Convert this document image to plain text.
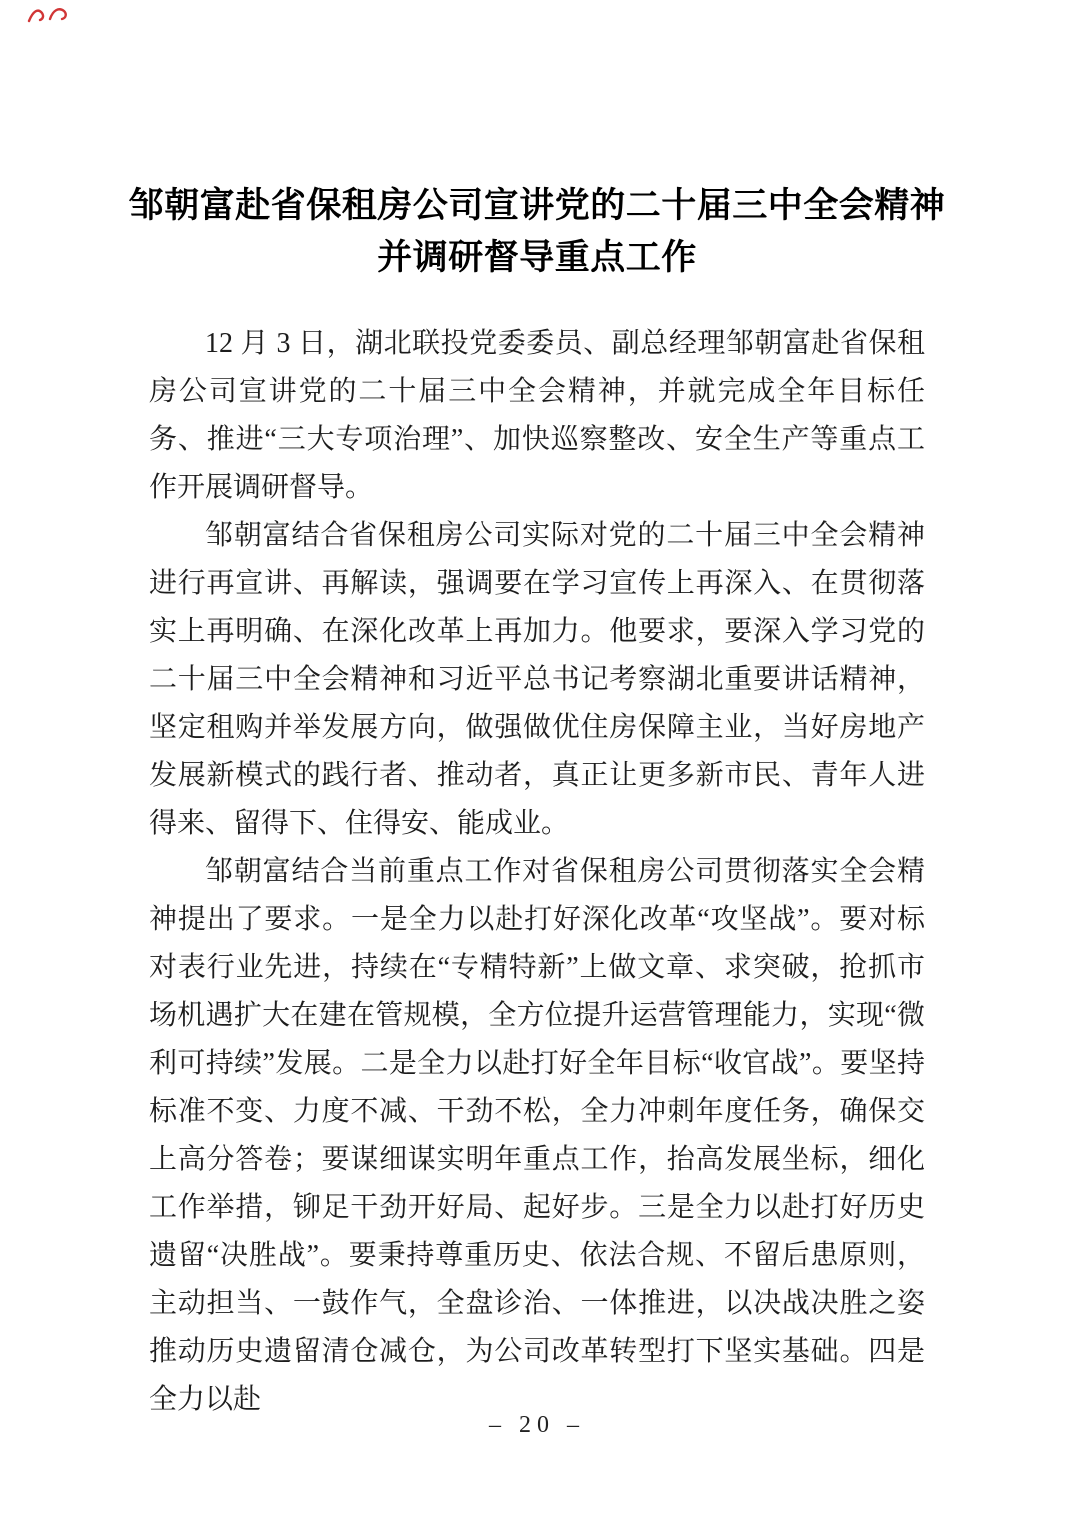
邹朝富赴省保租房公司宣讲党的二十届三中全会精神
并调研督导重点工作

12 月 3 日，湖北联投党委委员、副总经理邹朝富赴省保租房公司宣讲党的二十届三中全会精神，并就完成全年目标任务、推进“三大专项治理”、加快巡察整改、安全生产等重点工作开展调研督导。

邹朝富结合省保租房公司实际对党的二十届三中全会精神进行再宣讲、再解读，强调要在学习宣传上再深入、在贯彻落实上再明确、在深化改革上再加力。他要求，要深入学习党的二十届三中全会精神和习近平总书记考察湖北重要讲话精神，坚定租购并举发展方向，做强做优住房保障主业，当好房地产发展新模式的践行者、推动者，真正让更多新市民、青年人进得来、留得下、住得安、能成业。

邹朝富结合当前重点工作对省保租房公司贯彻落实全会精神提出了要求。一是全力以赴打好深化改革“攻坚战”。要对标对表行业先进，持续在“专精特新”上做文章、求突破，抢抓市场机遇扩大在建在管规模，全方位提升运营管理能力，实现“微利可持续”发展。二是全力以赴打好全年目标“收官战”。要坚持标准不变、力度不减、干劲不松，全力冲刺年度任务，确保交上高分答卷；要谋细谋实明年重点工作，抬高发展坐标，细化工作举措，铆足干劲开好局、起好步。三是全力以赴打好历史遗留“决胜战”。要秉持尊重历史、依法合规、不留后患原则，主动担当、一鼓作气，全盘诊治、一体推进，以决战决胜之姿推动历史遗留清仓减仓，为公司改革转型打下坚实基础。四是全力以赴

– 20 –
